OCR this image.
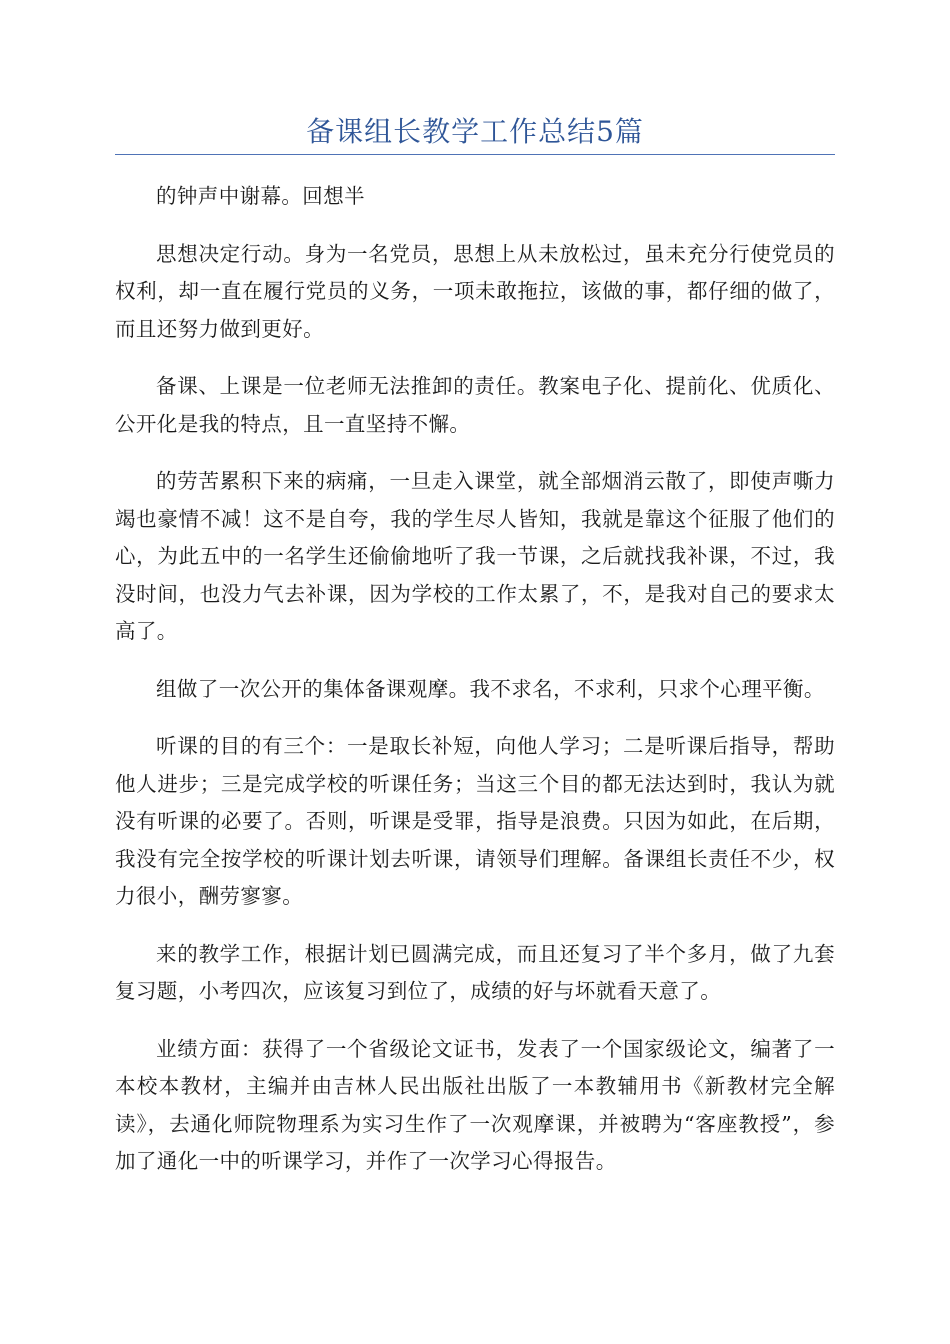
备课组长教学工作总结5篇

的钟声中谢幕。回想半

思想决定行动。身为一名党员，思想上从未放松过，虽未充分行使党员的权利，却一直在履行党员的义务，一项未敢拖拉，该做的事，都仔细的做了，而且还努力做到更好。

备课、上课是一位老师无法推卸的责任。教案电子化、提前化、优质化、公开化是我的特点，且一直坚持不懈。

的劳苦累积下来的病痛，一旦走入课堂，就全部烟消云散了，即使声嘶力竭也豪情不减！这不是自夸，我的学生尽人皆知，我就是靠这个征服了他们的心，为此五中的一名学生还偷偷地听了我一节课，之后就找我补课，不过，我没时间，也没力气去补课，因为学校的工作太累了，不，是我对自己的要求太高了。

组做了一次公开的集体备课观摩。我不求名，不求利，只求个心理平衡。

听课的目的有三个：一是取长补短，向他人学习；二是听课后指导，帮助他人进步；三是完成学校的听课任务；当这三个目的都无法达到时，我认为就没有听课的必要了。否则，听课是受罪，指导是浪费。只因为如此，在后期，我没有完全按学校的听课计划去听课，请领导们理解。备课组长责任不少，权力很小，酬劳寥寥。

来的教学工作，根据计划已圆满完成，而且还复习了半个多月，做了九套复习题，小考四次，应该复习到位了，成绩的好与坏就看天意了。

业绩方面：获得了一个省级论文证书，发表了一个国家级论文，编著了一本校本教材，主编并由吉林人民出版社出版了一本教辅用书《新教材完全解读》，去通化师院物理系为实习生作了一次观摩课，并被聘为“客座教授”，参加了通化一中的听课学习，并作了一次学习心得报告。
